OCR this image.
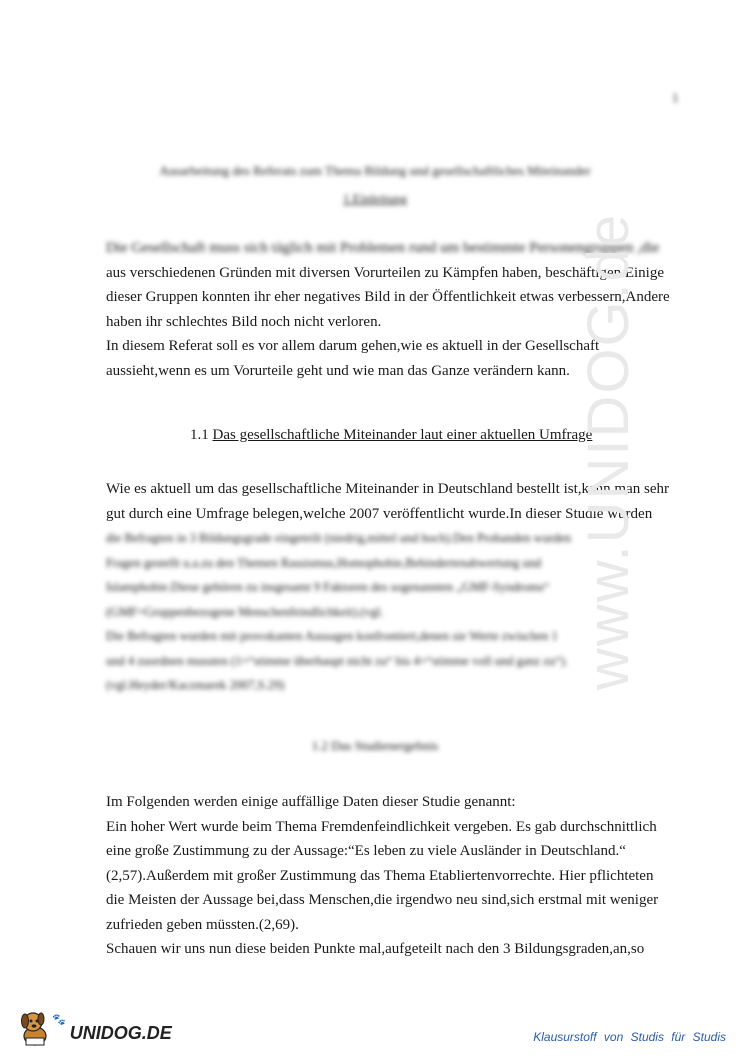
1
Ausarbeitung des Referats zum Thema Bildung und gesellschaftliches Miteinander
1.Einleitung

Die Gesellschaft muss sich täglich mit Problemen rund um bestimmte Personengruppen ,die

aus verschiedenen Gründen mit diversen Vorurteilen zu Kämpfen haben, beschäftigen.Einige

dieser Gruppen konnten ihr eher negatives Bild in der Öffentlichkeit etwas verbessern,Andere

haben ihr schlechtes Bild noch nicht verloren.

In diesem Referat soll es vor allem darum gehen,wie es aktuell in der Gesellschaft

aussieht,wenn es um Vorurteile geht und wie man das Ganze verändern kann.

1.1 Das gesellschaftliche Miteinander laut einer aktuellen Umfrage

Wie es aktuell um das gesellschaftliche Miteinander in Deutschland bestellt ist,kann man sehr

gut durch eine Umfrage belegen,welche 2007 veröffentlicht wurde.In dieser Studie wurden

die Befragten in 3 Bildungsgrade eingeteilt (niedrig,mittel und hoch).Den Probanden wurden

Fragen gestellt u.a.zu den Themen Rassismus,Homophobie,Behindertenabwertung und

Islamphobie.Diese gehören zu insgesamt 9 Faktoren des sogenannten „GMF-Syndroms“

(GMF=Gruppenbezogene Menschenfeindlichkeit).(vgl.

Die Befragten wurden mit provokanten Aussagen konfrontiert,denen sie Werte zwischen 1

und 4 zuordnen mussten (1=“stimme überhaupt nicht zu“ bis 4=“stimme voll und ganz zu“).

(vgl.Heyder/Kaczmarek 2007,S.29)

1.2 Das Studienergebnis

Im Folgenden werden einige auffällige Daten dieser Studie genannt:

Ein hoher Wert wurde beim Thema Fremdenfeindlichkeit vergeben. Es gab durchschnittlich

eine große Zustimmung zu der Aussage:“Es leben zu viele Ausländer in Deutschland.“

(2,57).Außerdem mit großer Zustimmung das Thema Etabliertenvorrechte. Hier pflichteten

die Meisten der Aussage bei,dass Menschen,die irgendwo neu sind,sich erstmal mit weniger

zufrieden geben müssten.(2,69).

Schauen wir uns nun diese beiden Punkte mal,aufgeteilt nach den 3 Bildungsgraden,an,so

www.UNIDOG.de
🐾
UNIDOG.DE	Klausurstoff von Studis für Studis
